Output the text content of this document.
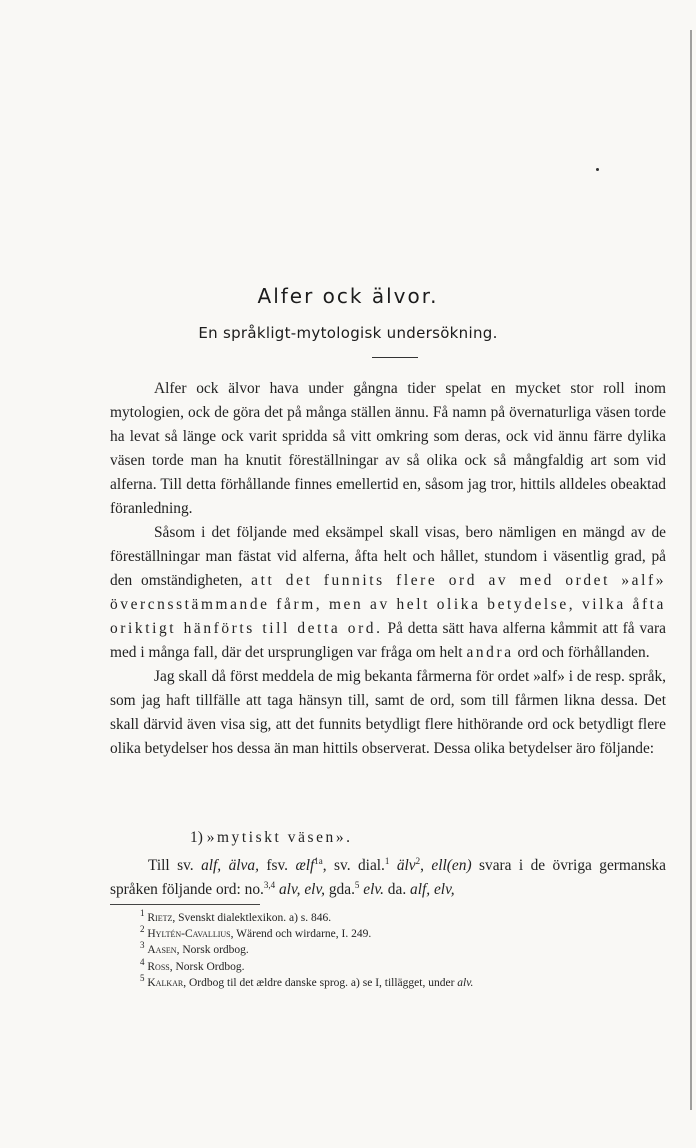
Alfer ock älvor.
En språkligt-mytologisk undersökning.

Alfer ock älvor hava under gångna tider spelat en mycket stor roll inom mytologien, ock de göra det på många ställen ännu. Få namn på övernaturliga väsen torde ha levat så länge ock varit spridda så vitt omkring som deras, ock vid ännu färre dylika väsen torde man ha knutit föreställningar av så olika ock så mångfaldig art som vid alferna. Till detta förhållande finnes emellertid en, såsom jag tror, hittils alldeles obeaktad föranledning.

Såsom i det följande med eksämpel skall visas, bero nämligen en mängd av de föreställningar man fästat vid alferna, åfta helt och hållet, stundom i väsentlig grad, på den omständigheten, att det funnits flere ord av med ordet »alf» övercnsstämmande fårm, men av helt olika betydelse, vilka åfta oriktigt hänförts till detta ord. På detta sätt hava alferna kåmmit att få vara med i många fall, där det ursprungligen var fråga om helt andra ord och förhållanden.

Jag skall då först meddela de mig bekanta fårmerna för ordet »alf» i de resp. språk, som jag haft tillfälle att taga hänsyn till, samt de ord, som till fårmen likna dessa. Det skall därvid även visa sig, att det funnits betydligt flere hithörande ord ock betydligt flere olika betydelser hos dessa än man hittils observerat. Dessa olika betydelser äro följande:

1) »mytiskt väsen».

Till sv. alf, älva, fsv. ælf$^{1a}$, sv. dial.$^1$ älv$^2$, ell(en) svara i de övriga germanska språken följande ord: no.$^{3,4}$ alv, elv, gda.$^5$ elv. da. alf, elv,

$^1$ Rietz, Svenskt dialektlexikon. a) s. 846.
$^2$ Hyltén-Cavallius, Wärend och wirdarne, I. 249.
$^3$ Aasen, Norsk ordbog.
$^4$ Ross, Norsk Ordbog.
$^5$ Kalkar, Ordbog til det ældre danske sprog. a) se I, tillägget, under alv.
